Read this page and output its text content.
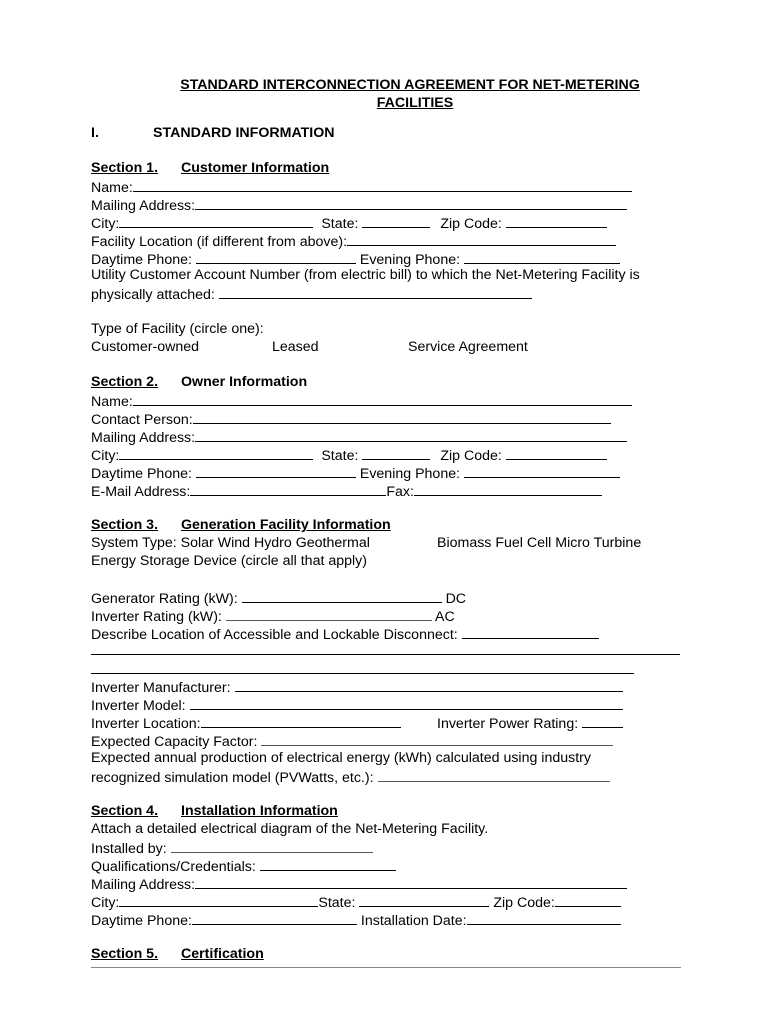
STANDARD INTERCONNECTION AGREEMENT FOR NET-METERING
FACILITIES
I.	STANDARD INFORMATION
Section 1. Customer Information
Name:
Mailing Address:
City:	State:	Zip Code:
Facility Location (if different from above):
Daytime Phone:	Evening Phone:
Utility Customer Account Number (from electric bill) to which the Net-Metering Facility is
physically attached:
Type of Facility (circle one):
Customer-owned	Leased	Service Agreement
Section 2. Owner Information
Name:
Contact Person:
Mailing Address:
City:	State:	Zip Code:
Daytime Phone:	Evening Phone:
E-Mail Address:	Fax:
Section 3. Generation Facility Information
System Type: Solar Wind Hydro Geothermal	Biomass Fuel Cell Micro Turbine
Energy Storage Device (circle all that apply)
Generator Rating (kW):	DC
Inverter Rating (kW):	AC
Describe Location of Accessible and Lockable Disconnect:
Inverter Manufacturer:
Inverter Model:
Inverter Location:	Inverter Power Rating:
Expected Capacity Factor:
Expected annual production of electrical energy (kWh) calculated using industry
recognized simulation model (PVWatts, etc.):
Section 4. Installation Information
Attach a detailed electrical diagram of the Net-Metering Facility.
Installed by:
Qualifications/Credentials:
Mailing Address:
City:	State:	Zip Code:
Daytime Phone:	Installation Date:
Section 5. Certification
